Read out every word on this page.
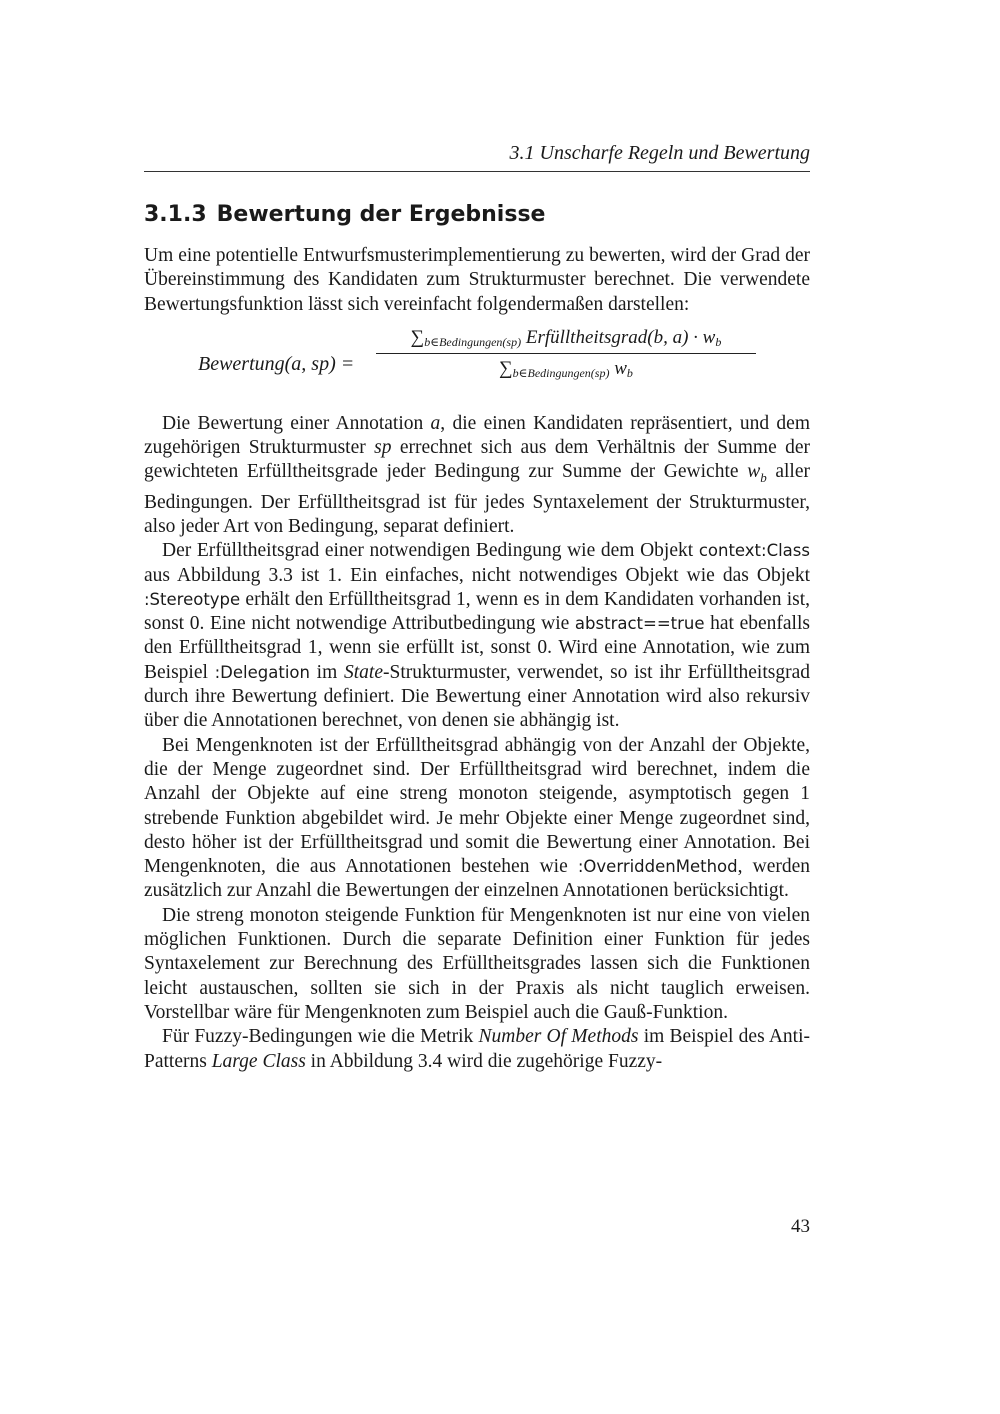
3.1 Unscharfe Regeln und Bewertung
3.1.3 Bewertung der Ergebnisse

Um eine potentielle Entwurfsmusterimplementierung zu bewerten, wird der Grad der Übereinstimmung des Kandidaten zum Strukturmuster berechnet. Die verwendete Bewertungsfunktion lässt sich vereinfacht folgendermaßen darstellen:

Bewertung(a, sp) =
∑b∈Bedingungen(sp) Erfülltheitsgrad(b, a) · wb
∑b∈Bedingungen(sp) wb

Die Bewertung einer Annotation a, die einen Kandidaten repräsentiert, und dem zugehörigen Strukturmuster sp errechnet sich aus dem Verhältnis der Summe der gewichteten Erfülltheitsgrade jeder Bedingung zur Summe der Gewichte $w_b$ aller Bedingungen. Der Erfülltheitsgrad ist für jedes Syntaxelement der Strukturmuster, also jeder Art von Bedingung, separat definiert.

Der Erfülltheitsgrad einer notwendigen Bedingung wie dem Objekt context:Class aus Abbildung 3.3 ist 1. Ein einfaches, nicht notwendiges Objekt wie das Objekt :Stereotype erhält den Erfülltheitsgrad 1, wenn es in dem Kandidaten vorhanden ist, sonst 0. Eine nicht notwendige Attributbedingung wie abstract==true hat ebenfalls den Erfülltheitsgrad 1, wenn sie erfüllt ist, sonst 0. Wird eine Annotation, wie zum Beispiel :Delegation im State-Strukturmuster, verwendet, so ist ihr Erfülltheitsgrad durch ihre Bewertung definiert. Die Bewertung einer Annotation wird also rekursiv über die Annotationen berechnet, von denen sie abhängig ist.

Bei Mengenknoten ist der Erfülltheitsgrad abhängig von der Anzahl der Objekte, die der Menge zugeordnet sind. Der Erfülltheitsgrad wird berechnet, indem die Anzahl der Objekte auf eine streng monoton steigende, asymptotisch gegen 1 strebende Funktion abgebildet wird. Je mehr Objekte einer Menge zugeordnet sind, desto höher ist der Erfülltheitsgrad und somit die Bewertung einer Annotation. Bei Mengenknoten, die aus Annotationen bestehen wie :OverriddenMethod, werden zusätzlich zur Anzahl die Bewertungen der einzelnen Annotationen berücksichtigt.

Die streng monoton steigende Funktion für Mengenknoten ist nur eine von vielen möglichen Funktionen. Durch die separate Definition einer Funktion für jedes Syntaxelement zur Berechnung des Erfülltheitsgrades lassen sich die Funktionen leicht austauschen, sollten sie sich in der Praxis als nicht tauglich erweisen. Vorstellbar wäre für Mengenknoten zum Beispiel auch die Gauß-Funktion.

Für Fuzzy-Bedingungen wie die Metrik Number Of Methods im Beispiel des Anti-Patterns Large Class in Abbildung 3.4 wird die zugehörige Fuzzy-

43
